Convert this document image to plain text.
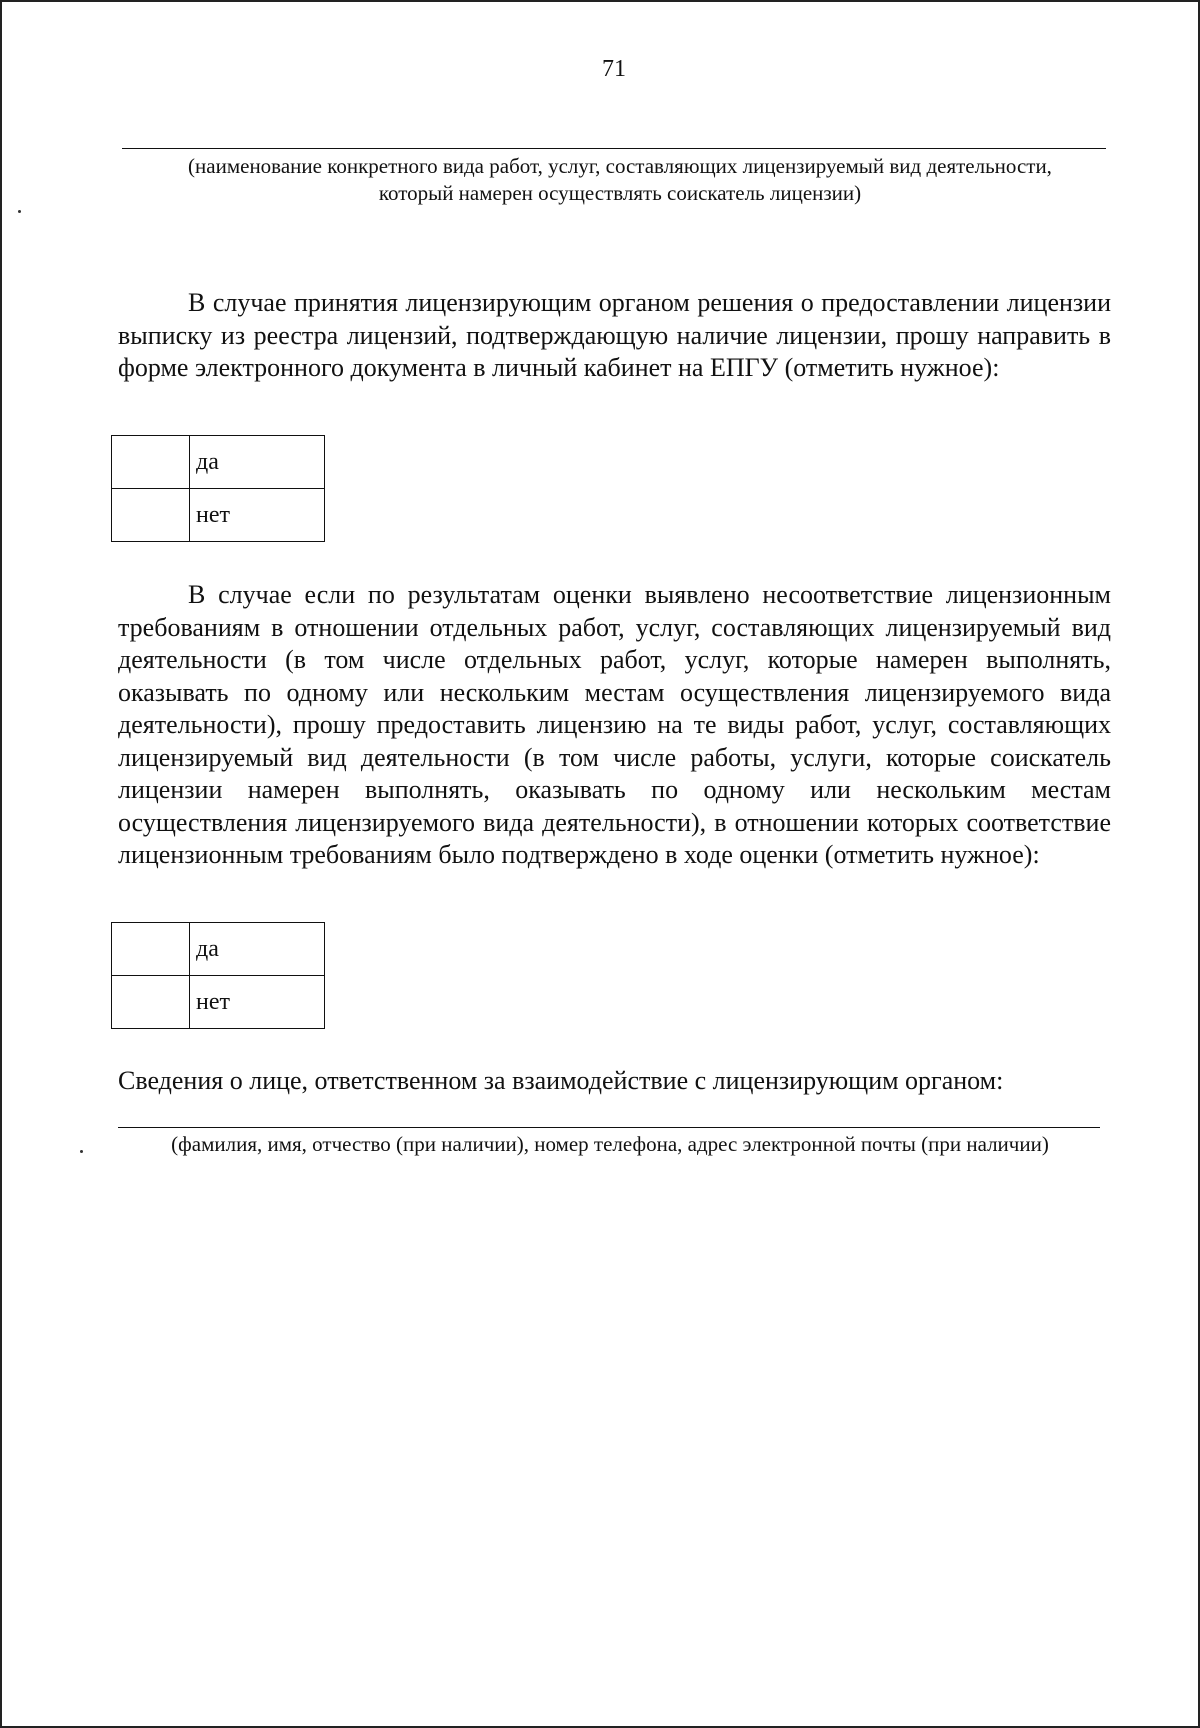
71
(наименование конкретного вида работ, услуг, составляющих лицензируемый вид деятельности, который намерен осуществлять соискатель лицензии)

В случае принятия лицензирующим органом решения о предоставлении лицензии выписку из реестра лицензий, подтверждающую наличие лицензии, прошу направить в форме электронного документа в личный кабинет на ЕПГУ (отметить нужное):

	да
	нет

В случае если по результатам оценки выявлено несоответствие лицензионным требованиям в отношении отдельных работ, услуг, составляющих лицензируемый вид деятельности (в том числе отдельных работ, услуг, которые намерен выполнять, оказывать по одному или нескольким местам осуществления лицензируемого вида деятельности), прошу предоставить лицензию на те виды работ, услуг, составляющих лицензируемый вид деятельности (в том числе работы, услуги, которые соискатель лицензии намерен выполнять, оказывать по одному или нескольким местам осуществления лицензируемого вида деятельности), в отношении которых соответствие лицензионным требованиям было подтверждено в ходе оценки (отметить нужное):

	да
	нет

Сведения о лице, ответственном за взаимодействие с лицензирующим органом:

(фамилия, имя, отчество (при наличии), номер телефона, адрес электронной почты (при наличии)
